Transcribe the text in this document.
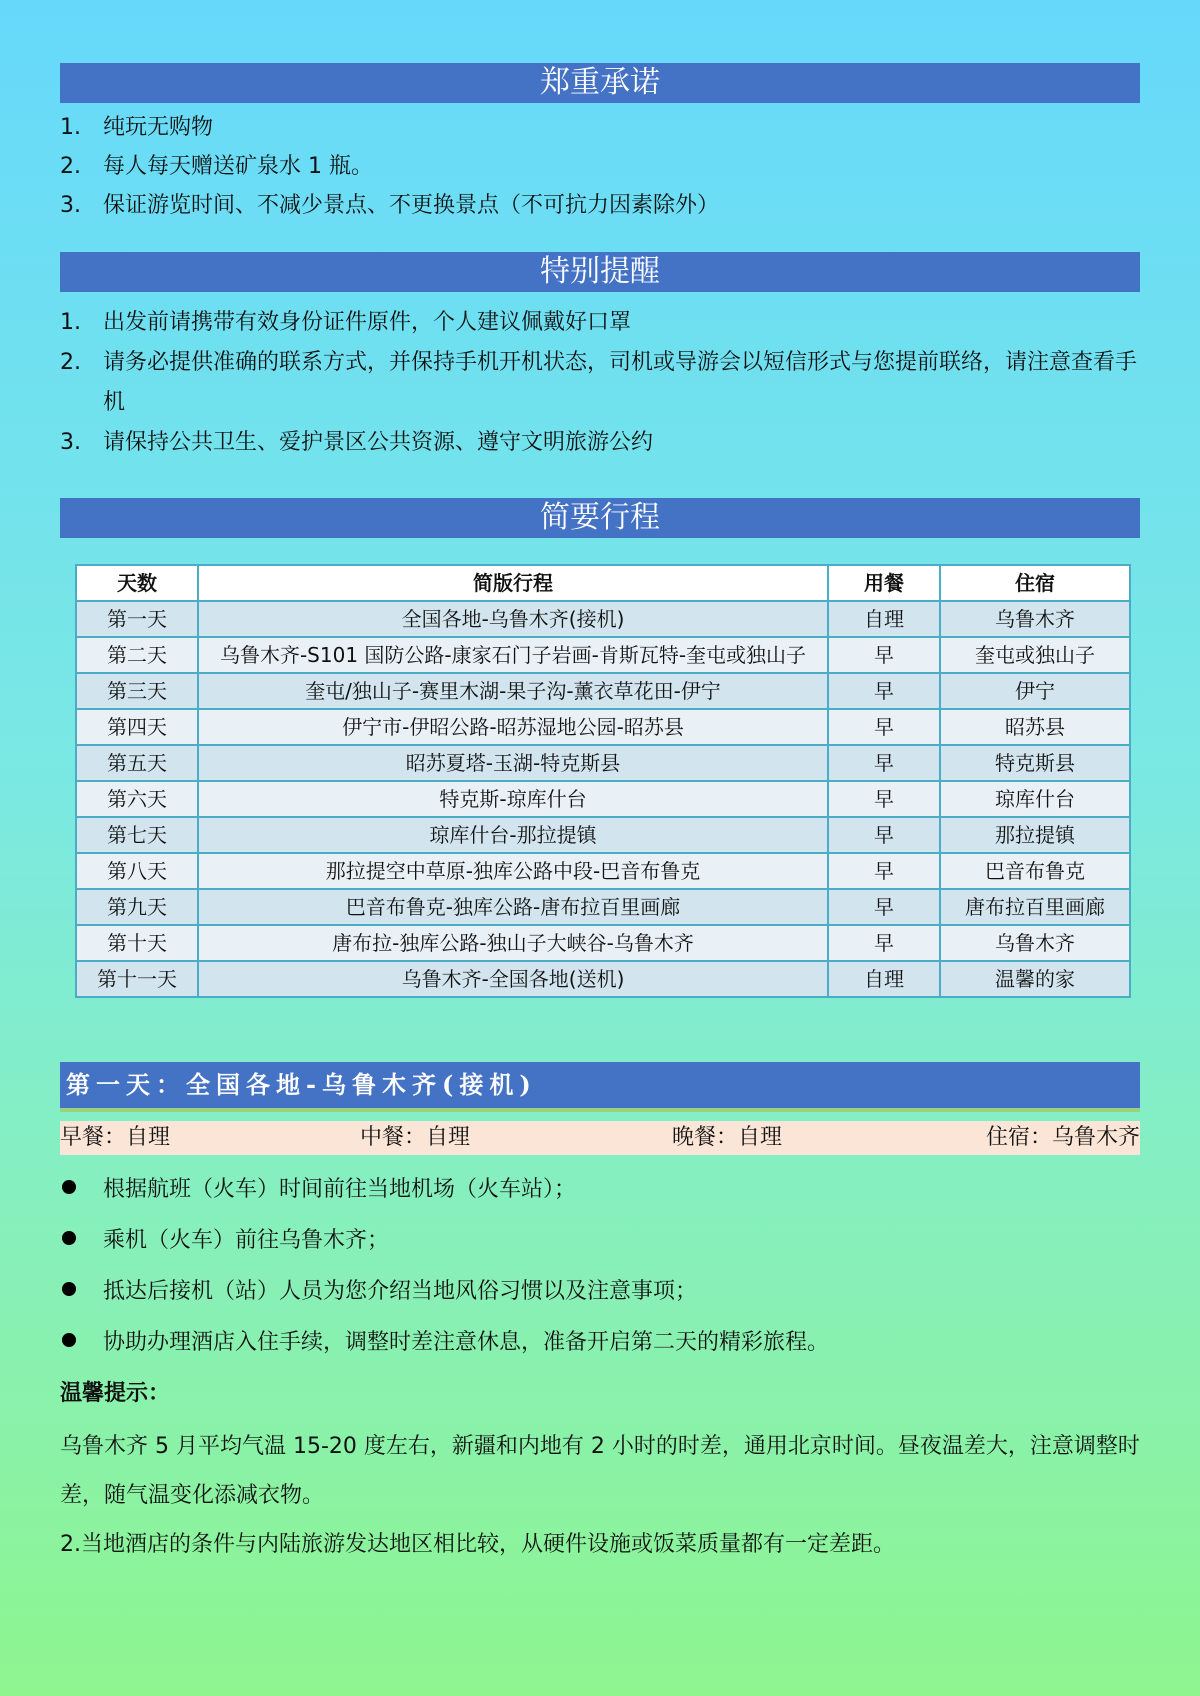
郑重承诺
1. 纯玩无购物
2. 每人每天赠送矿泉水 1 瓶。
3. 保证游览时间、不减少景点、不更换景点（不可抗力因素除外）
特别提醒
1. 出发前请携带有效身份证件原件，个人建议佩戴好口罩
2. 请务必提供准确的联系方式，并保持手机开机状态，司机或导游会以短信形式与您提前联络，请注意查看手机
3. 请保持公共卫生、爱护景区公共资源、遵守文明旅游公约
简要行程
天数	简版行程	用餐	住宿
第一天	全国各地-乌鲁木齐(接机)	自理	乌鲁木齐
第二天	乌鲁木齐-S101 国防公路-康家石门子岩画-肯斯瓦特-奎屯或独山子	早	奎屯或独山子
第三天	奎屯/独山子-赛里木湖-果子沟-薰衣草花田-伊宁	早	伊宁
第四天	伊宁市-伊昭公路-昭苏湿地公园-昭苏县	早	昭苏县
第五天	昭苏夏塔-玉湖-特克斯县	早	特克斯县
第六天	特克斯-琼库什台	早	琼库什台
第七天	琼库什台-那拉提镇	早	那拉提镇
第八天	那拉提空中草原-独库公路中段-巴音布鲁克	早	巴音布鲁克
第九天	巴音布鲁克-独库公路-唐布拉百里画廊	早	唐布拉百里画廊
第十天	唐布拉-独库公路-独山子大峡谷-乌鲁木齐	早	乌鲁木齐
第十一天	乌鲁木齐-全国各地(送机)	自理	温馨的家
第一天：全国各地-乌鲁木齐(接机)
早餐：自理	中餐：自理	晚餐：自理	住宿：乌鲁木齐
根据航班（火车）时间前往当地机场（火车站）；
乘机（火车）前往乌鲁木齐；
抵达后接机（站）人员为您介绍当地风俗习惯以及注意事项；
协助办理酒店入住手续，调整时差注意休息，准备开启第二天的精彩旅程。
温馨提示：
乌鲁木齐 5 月平均气温 15-20 度左右，新疆和内地有 2 小时的时差，通用北京时间。昼夜温差大，注意调整时差，随气温变化添减衣物。
2.当地酒店的条件与内陆旅游发达地区相比较，从硬件设施或饭菜质量都有一定差距。
